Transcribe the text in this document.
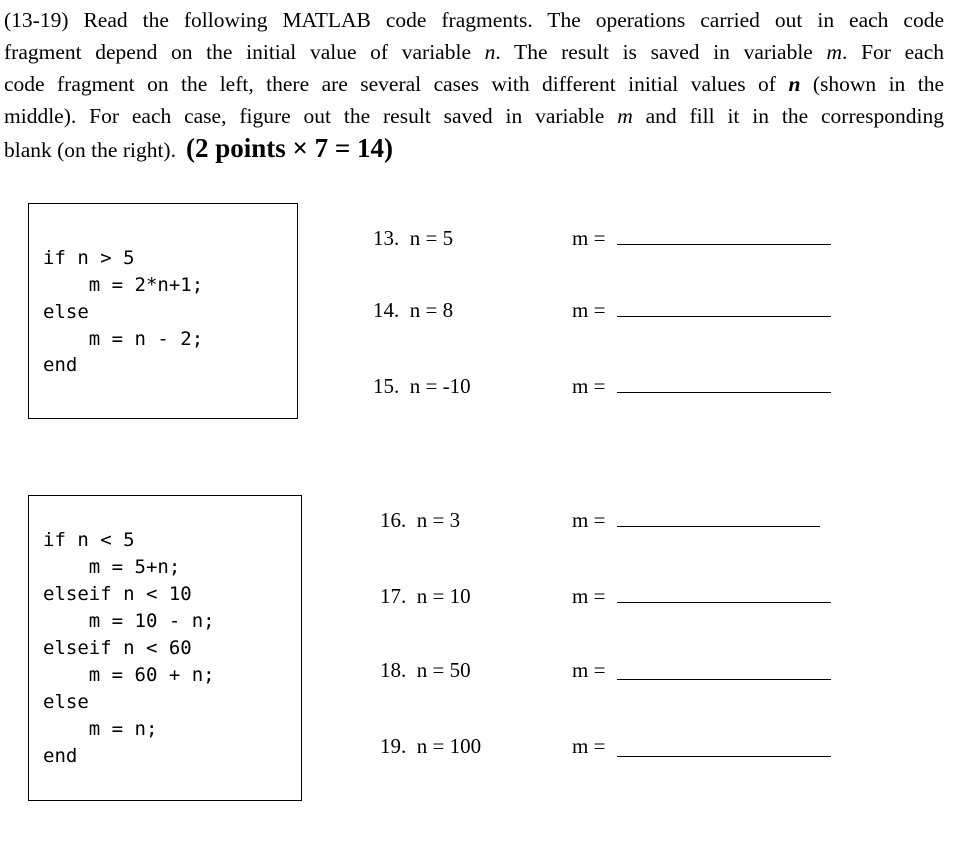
(13-19) Read the following MATLAB code fragments. The operations carried out in each code
fragment depend on the initial value of variable n. The result is saved in variable m. For each
code fragment on the left, there are several cases with different initial values of n (shown in the
middle). For each case, figure out the result saved in variable m and fill it in the corresponding
blank (on the right). (2 points × 7 = 14)
if n > 5
m = 2*n+1;
else
m = n - 2;
end
13.  n = 5	m =
14.  n = 8	m =
15.  n = -10	m =
if n < 5
m = 5+n;
elseif n < 10
m = 10 - n;
elseif n < 60
m = 60 + n;
else
m = n;
end
16.  n = 3	m =
17.  n = 10	m =
18.  n = 50	m =
19.  n = 100	m =
